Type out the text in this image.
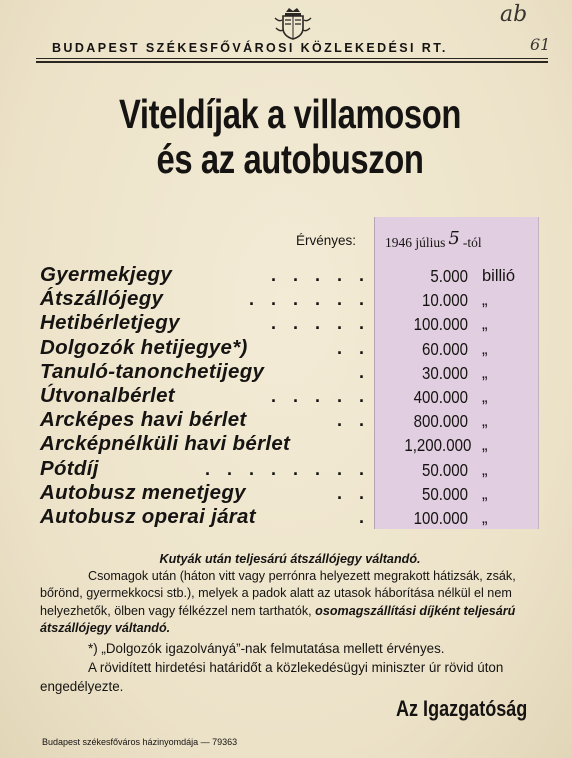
ab
61
BUDAPEST SZÉKESFŐVÁROSI KÖZLEKEDÉSI RT.
Viteldíjak a villamoson
és az autobuszon
Érvényes: 1946 július 5 -tól
Gyermekjegy	. . . . .	5.000 billió
Átszállójegy	. . . . . .	10.000 „
Hetibérletjegy	. . . . .	100.000 „
Dolgozók hetijegye*)	. .	60.000 „
Tanuló-tanonchetijegy	.	30.000 „
Útvonalbérlet	. . . . .	400.000 „
Arcképes havi bérlet	. .	800.000 „
Arcképnélküli havi bérlet	1,200.000 „
Pótdíj	. . . . . . . .	50.000 „
Autobusz menetjegy	. .	50.000 „
Autobusz operai járat	.	100.000 „

Kutyák után teljesárú átszállójegy váltandó.

Csomagok után (háton vitt vagy perrónra helyezett megrakott hátizsák, zsák, bőrönd, gyermekkocsi stb.), melyek a padok alatt az utasok háborítása nélkül el nem helyezhetők, ölben vagy félkézzel nem tarthatók, osomagszállítási díjként teljesárú átszállójegy váltandó.

*) „Dolgozók igazolványá”-nak felmutatása mellett érvényes.

A rövidített hirdetési határidőt a közlekedésügyi miniszter úr rövid úton engedélyezte.

Az Igazgatóság
Budapest székesfőváros házinyomdája — 79363
